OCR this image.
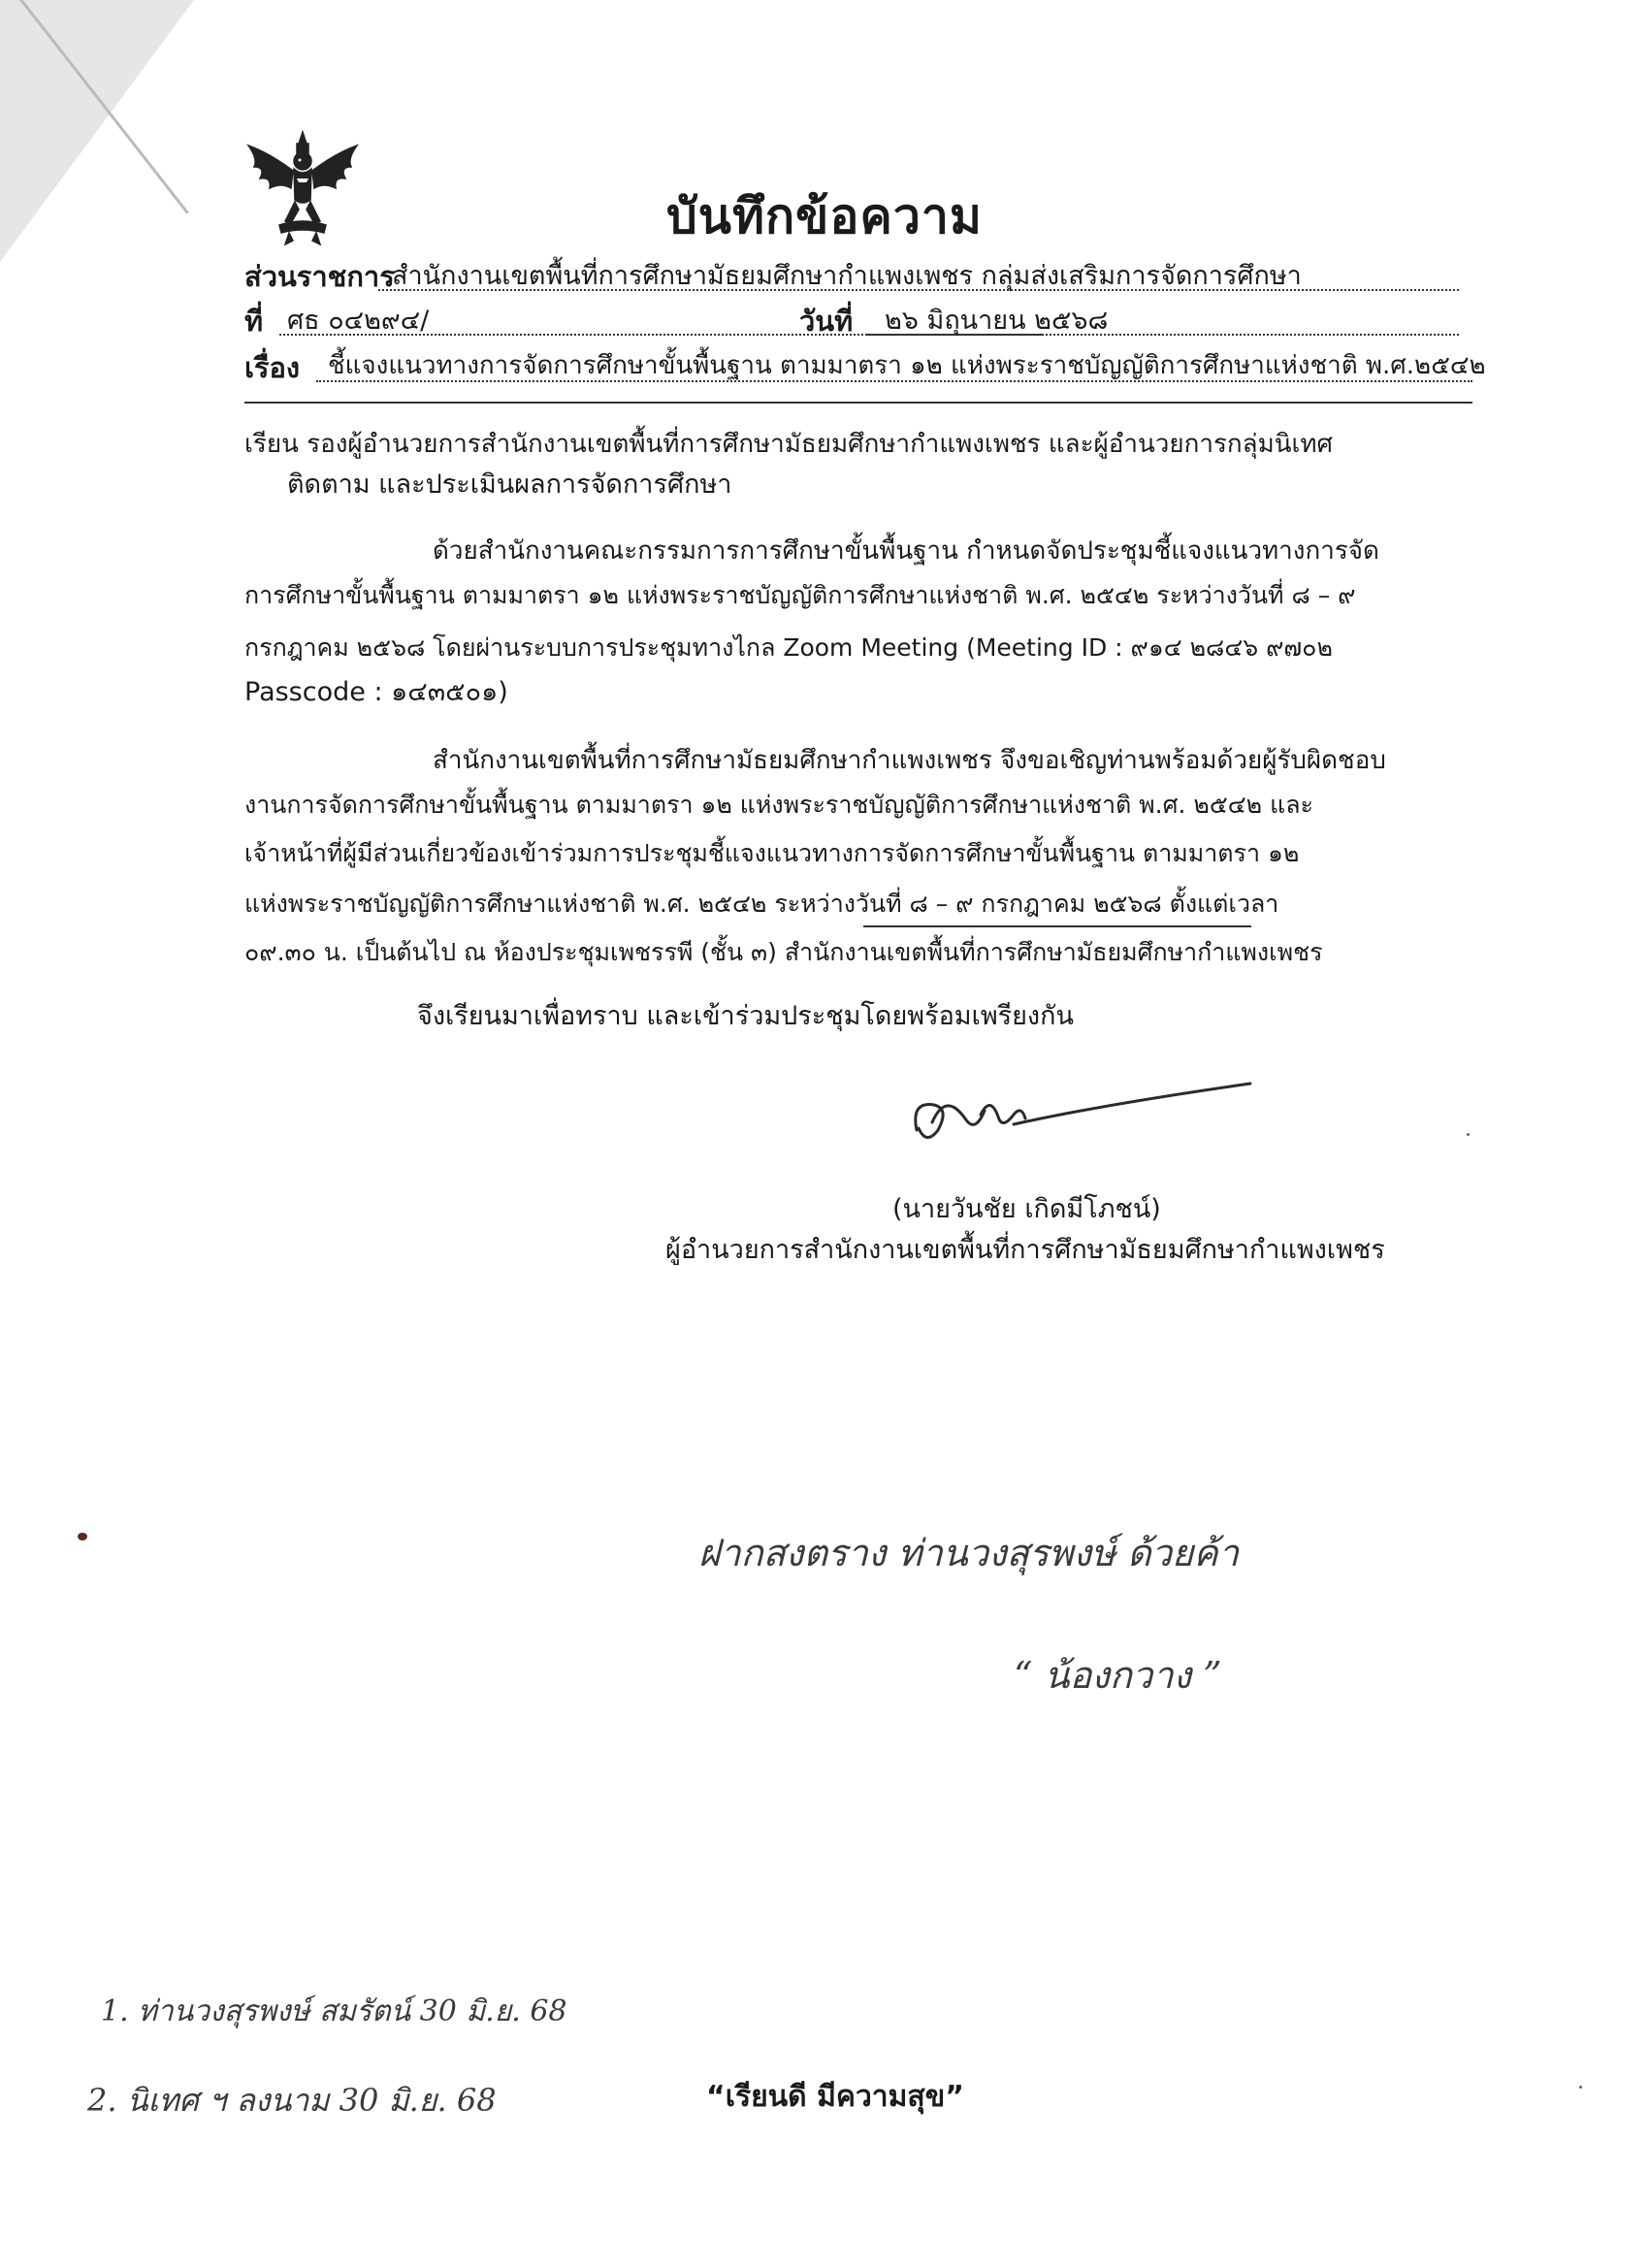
บันทึกข้อความ
ส่วนราชการ
สำนักงานเขตพื้นที่การศึกษามัธยมศึกษากำแพงเพชร กลุ่มส่งเสริมการจัดการศึกษา
ที่ ศธ ๐๔๒๙๔/	วันที่ ๒๖ มิถุนายน ๒๕๖๘
เรื่อง ชี้แจงแนวทางการจัดการศึกษาขั้นพื้นฐาน ตามมาตรา ๑๒ แห่งพระราชบัญญัติการศึกษาแห่งชาติ พ.ศ.๒๕๔๒
เรียน รองผู้อำนวยการสำนักงานเขตพื้นที่การศึกษามัธยมศึกษากำแพงเพชร และผู้อำนวยการกลุ่มนิเทศ
ติดตาม และประเมินผลการจัดการศึกษา
ด้วยสำนักงานคณะกรรมการการศึกษาขั้นพื้นฐาน กำหนดจัดประชุมชี้แจงแนวทางการจัด
การศึกษาขั้นพื้นฐาน ตามมาตรา ๑๒ แห่งพระราชบัญญัติการศึกษาแห่งชาติ พ.ศ. ๒๕๔๒ ระหว่างวันที่ ๘ – ๙
กรกฎาคม ๒๕๖๘ โดยผ่านระบบการประชุมทางไกล Zoom Meeting (Meeting ID : ๙๑๔ ๒๘๔๖ ๙๗๐๒
Passcode : ๑๔๓๕๐๑)
สำนักงานเขตพื้นที่การศึกษามัธยมศึกษากำแพงเพชร จึงขอเชิญท่านพร้อมด้วยผู้รับผิดชอบ
งานการจัดการศึกษาขั้นพื้นฐาน ตามมาตรา ๑๒ แห่งพระราชบัญญัติการศึกษาแห่งชาติ พ.ศ. ๒๕๔๒ และ
เจ้าหน้าที่ผู้มีส่วนเกี่ยวข้องเข้าร่วมการประชุมชี้แจงแนวทางการจัดการศึกษาขั้นพื้นฐาน ตามมาตรา ๑๒
แห่งพระราชบัญญัติการศึกษาแห่งชาติ พ.ศ. ๒๕๔๒ ระหว่างวันที่ ๘ – ๙ กรกฎาคม ๒๕๖๘ ตั้งแต่เวลา
๐๙.๓๐ น. เป็นต้นไป ณ ห้องประชุมเพชรรพี (ชั้น ๓) สำนักงานเขตพื้นที่การศึกษามัธยมศึกษากำแพงเพชร
จึงเรียนมาเพื่อทราบ และเข้าร่วมประชุมโดยพร้อมเพรียงกัน
(นายวันชัย เกิดมีโภชน์)
ผู้อำนวยการสำนักงานเขตพื้นที่การศึกษามัธยมศึกษากำแพงเพชร
ฝากสงตราง ท่านวงสุรพงษ์ ด้วยค้า
“ น้องกวาง ”
1. ท่านวงสุรพงษ์ สมรัตน์ 30 มิ.ย. 68
2. นิเทศ ฯ ลงนาม 30 มิ.ย. 68	“เรียนดี มีความสุข”
